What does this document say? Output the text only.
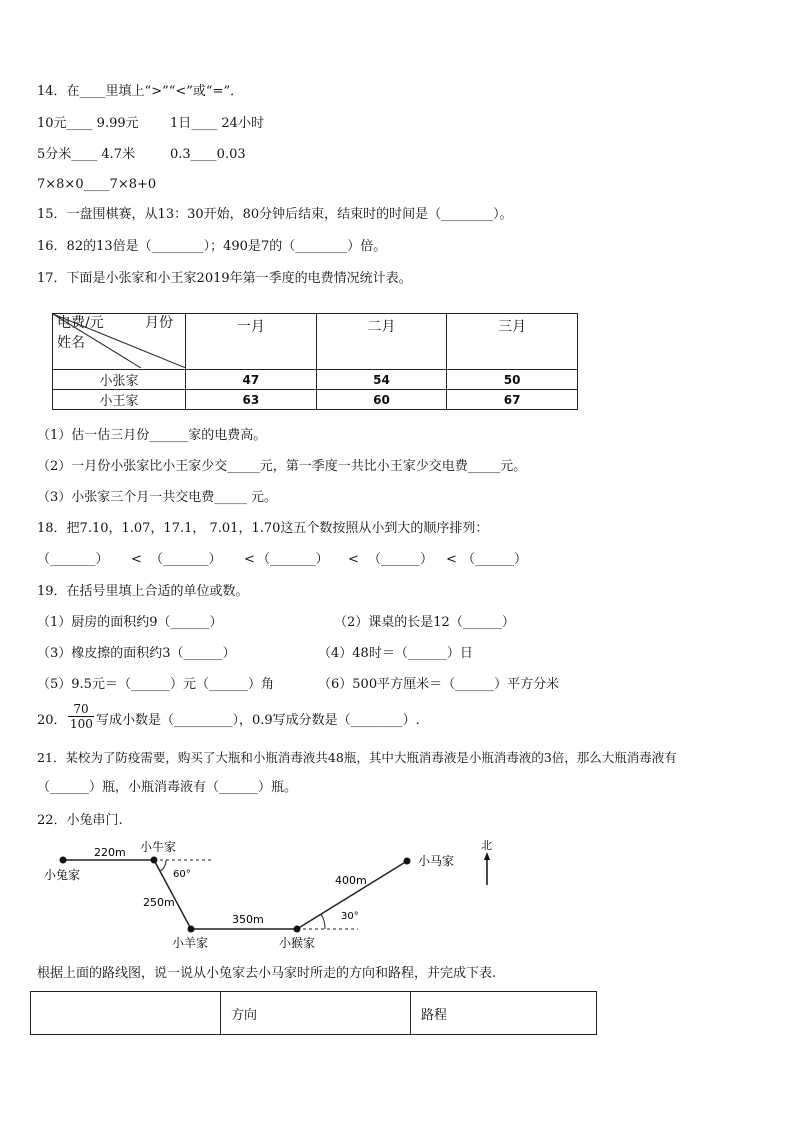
14．在____里填上“>”“<”或“=”．
10元____ 9.99元 1日____ 24小时
5分米____ 4.7米	0.3____0.03
7×8×0____7×8+0
15．一盘围棋赛，从13：30开始，80分钟后结束，结束时的时间是（________）。
16．82的13倍是（________）；490是7的（________）倍。
17．下面是小张家和小王家2019年第一季度的电费情况统计表。
电费/元 月份
姓名	一月	二月	三月
小张家	47	54	50
小王家	63	60	67
（1）估一估三月份______家的电费高。
（2）一月份小张家比小王家少交_____元，第一季度一共比小王家少交电费_____元。
（3）小张家三个月一共交电费_____ 元。
18．把7.10，1.07，17.1， 7.01，1.70这五个数按照从小到大的顺序排列：
（_______） < （_______） < （_______） < （______） < （______）
19．在括号里填上合适的单位或数。
（1）厨房的面积约9（______）	（2）课桌的长是12（______）
（3）橡皮擦的面积约3（______）	（4）48时＝（______）日
（5）9.5元＝（______）元（______）角	（6）500平方厘米＝（______）平方分米
20． $\frac{70}{100}$ 写成小数是（_________），0.9写成分数是（________）.
21．某校为了防疫需要，购买了大瓶和小瓶消毒液共48瓶，其中大瓶消毒液是小瓶消毒液的3倍，那么大瓶消毒液有
（______）瓶，小瓶消毒液有（______）瓶。
22．小兔串门.
小兔家
小牛家
小羊家	小猴家
小马家
220m
250m
350m
400m
60°
30°
北
根据上面的路线图，说一说从小兔家去小马家时所走的方向和路程，并完成下表.
	方向	路程
